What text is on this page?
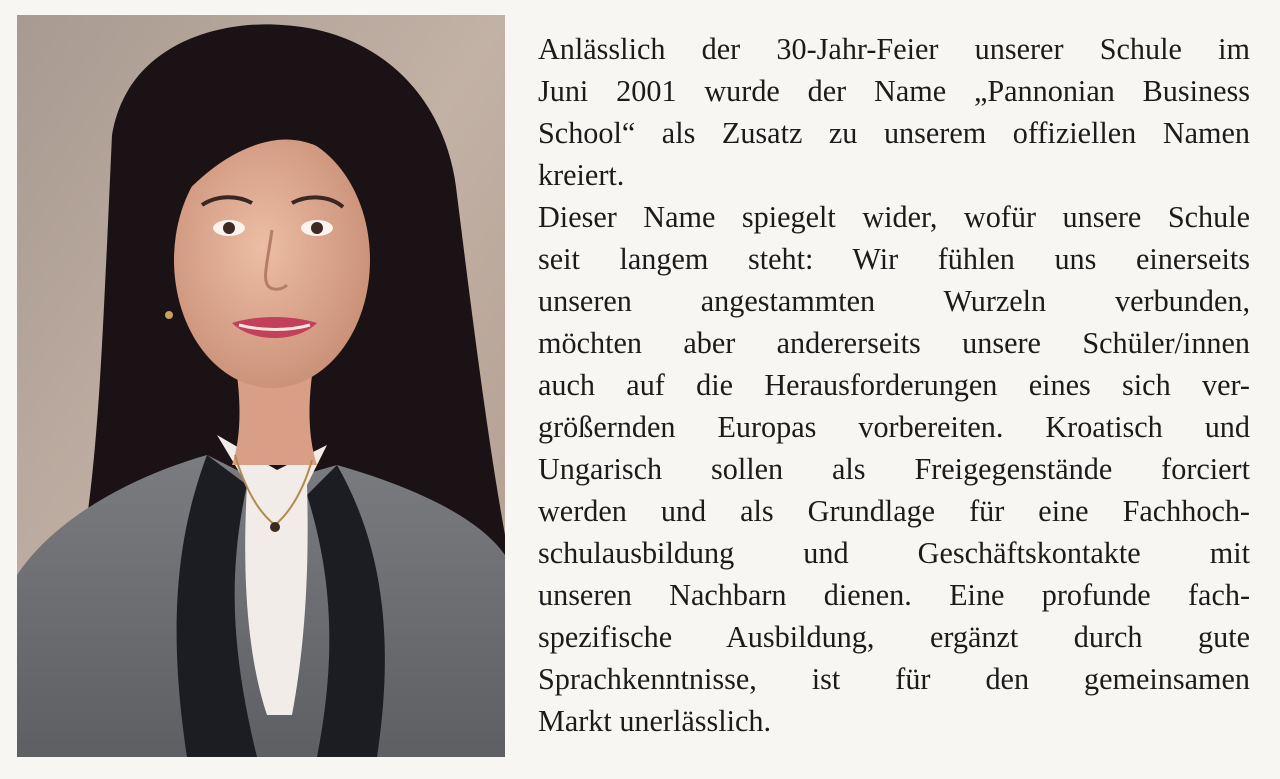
Anlässlich der 30-Jahr-Feier unserer Schule im
Juni 2001 wurde der Name „Pannonian Business
School“ als Zusatz zu unserem offiziellen Namen
kreiert.

Dieser Name spiegelt wider, wofür unsere Schule
seit langem steht: Wir fühlen uns einerseits
unseren angestammten Wurzeln verbunden,
möchten aber andererseits unsere Schüler/innen
auch auf die Herausforderungen eines sich ver-
größernden Europas vorbereiten. Kroatisch und
Ungarisch sollen als Freigegenstände forciert
werden und als Grundlage für eine Fachhoch-
schulausbildung und Geschäftskontakte mit
unseren Nachbarn dienen. Eine profunde fach-
spezifische Ausbildung, ergänzt durch gute
Sprachkenntnisse, ist für den gemeinsamen
Markt unerlässlich.
